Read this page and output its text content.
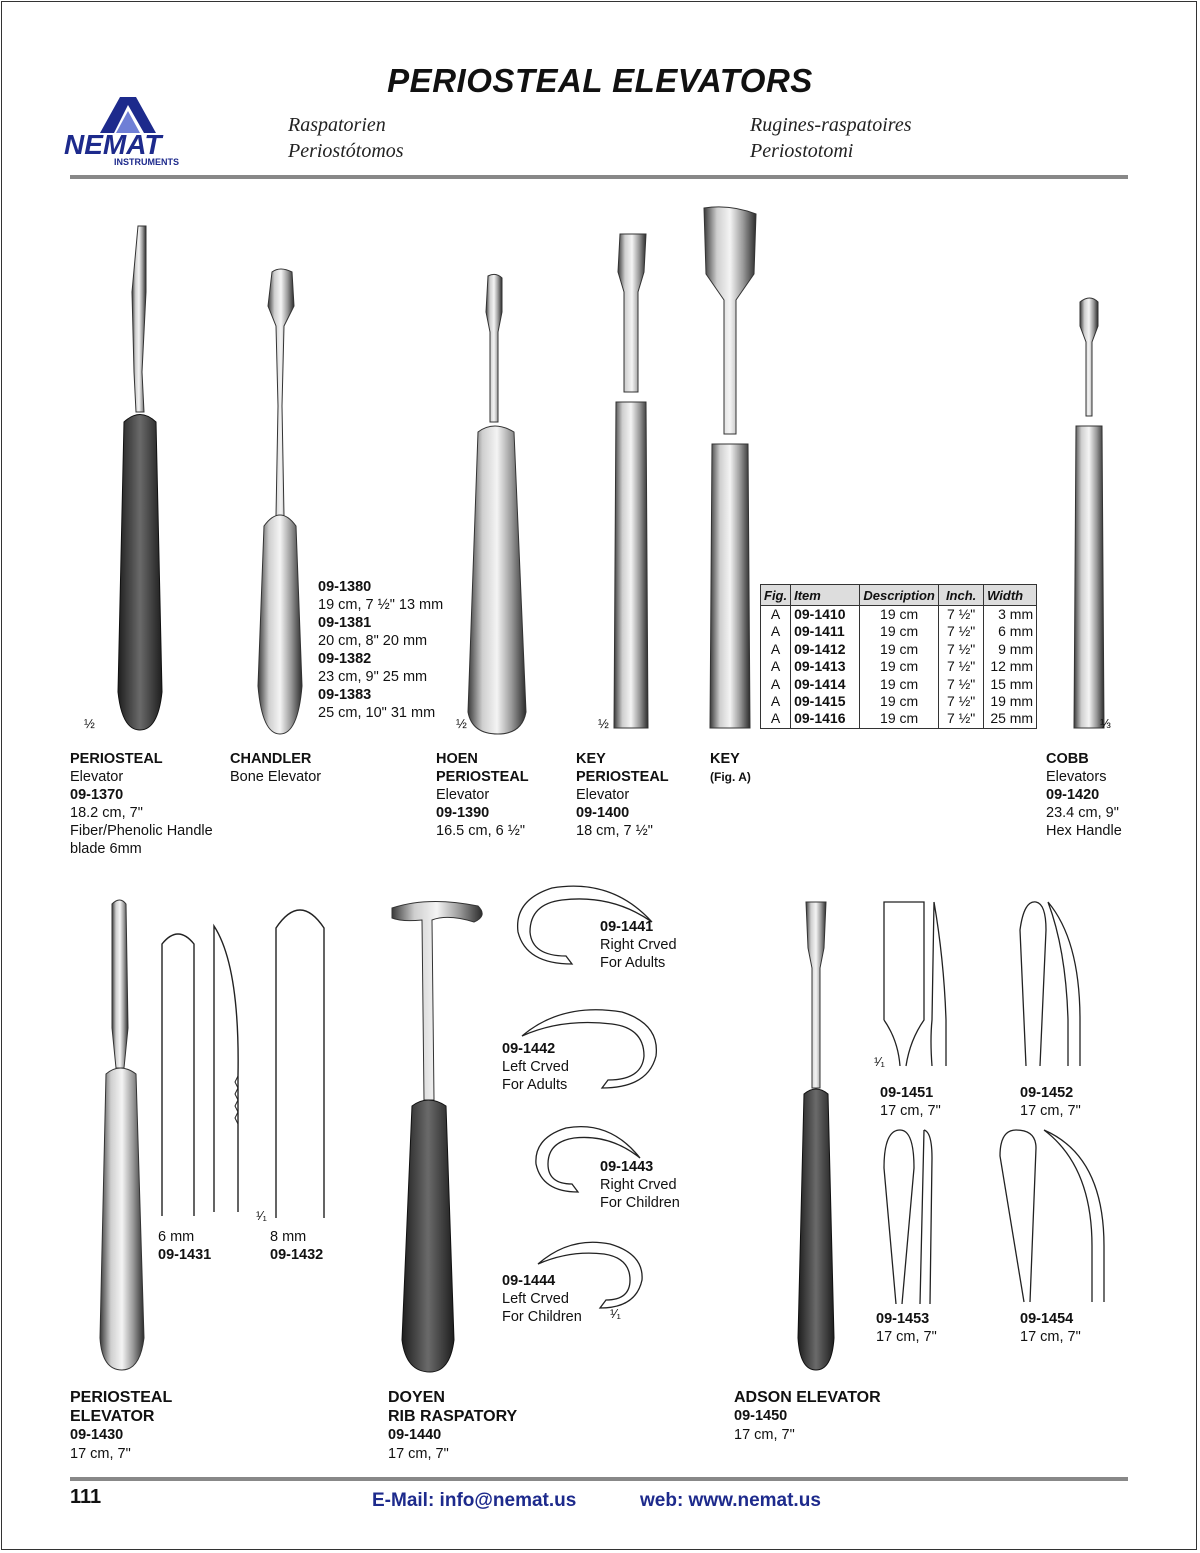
PERIOSTEAL ELEVATORS
Raspatorien
Periostótomos
Rugines-raspatoires
Periostotomi
NEMAT
INSTRUMENTS
½	½	½	⅓
09-1380
19 cm, 7 ½" 13 mm
09-1381
20 cm, 8" 20 mm
09-1382
23 cm, 9" 25 mm
09-1383
25 cm, 10" 31 mm
Fig.	Item	Description	Inch.	Width
A	09-1410	19 cm	7 ½"	3 mm
A	09-1411	19 cm	7 ½"	6 mm
A	09-1412	19 cm	7 ½"	9 mm
A	09-1413	19 cm	7 ½"	12 mm
A	09-1414	19 cm	7 ½"	15 mm
A	09-1415	19 cm	7 ½"	19 mm
A	09-1416	19 cm	7 ½"	25 mm
PERIOSTEAL
Elevator
09-1370
18.2 cm, 7"
Fiber/Phenolic Handle
blade 6mm
CHANDLER
Bone Elevator
HOEN
PERIOSTEAL
Elevator
09-1390
16.5 cm, 6 ½"
KEY
PERIOSTEAL
Elevator
09-1400
18 cm, 7 ½"
KEY
(Fig. A)
COBB
Elevators
09-1420
23.4 cm, 9"
Hex Handle
¹⁄₁
6 mm
09-1431
8 mm
09-1432
09-1441
Right Crved
For Adults
09-1442
Left Crved
For Adults
09-1443
Right Crved
For Children
09-1444
Left Crved
For Children ¹⁄₁
¹⁄₁
09-1451
17 cm, 7"
09-1452
17 cm, 7"
09-1453
17 cm, 7"
09-1454
17 cm, 7"
PERIOSTEAL
ELEVATOR
09-1430
17 cm, 7"
DOYEN
RIB RASPATORY
09-1440
17 cm, 7"
ADSON ELEVATOR
09-1450
17 cm, 7"
111	E-Mail: info@nemat.us	web: www.nemat.us
